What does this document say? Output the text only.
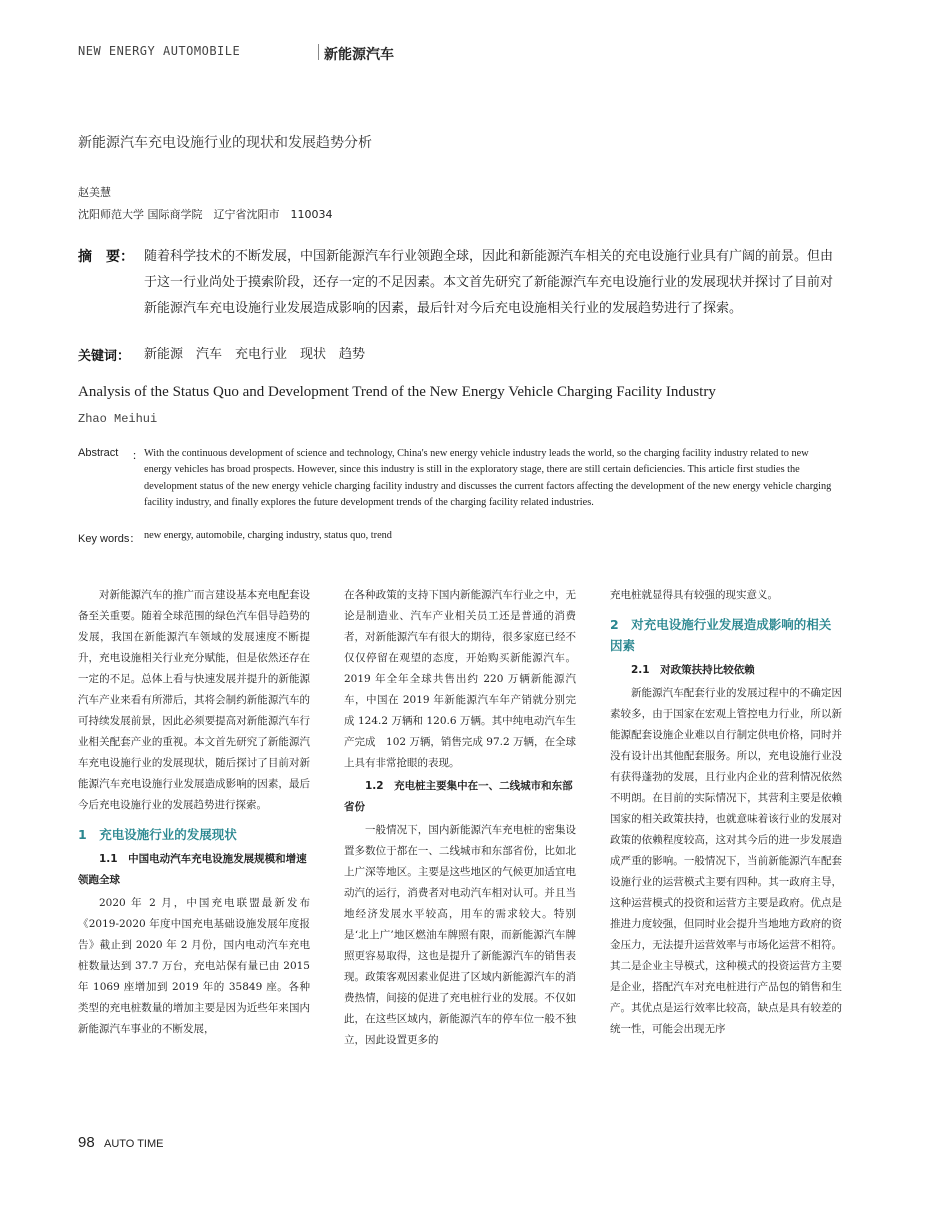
NEW ENERGY AUTOMOBILE	新能源汽车
新能源汽车充电设施行业的现状和发展趋势分析
赵美慧
沈阳师范大学 国际商学院　辽宁省沈阳市　110034
摘　要： 随着科学技术的不断发展，中国新能源汽车行业领跑全球，因此和新能源汽车相关的充电设施行业具有广阔的前景。但由于这一行业尚处于摸索阶段，还存一定的不足因素。本文首先研究了新能源汽车充电设施行业的发展现状并探讨了目前对新能源汽车充电设施行业发展造成影响的因素，最后针对今后充电设施相关行业的发展趋势进行了探索。
关键词： 新能源　汽车　充电行业　现状　趋势
Analysis of the Status Quo and Development Trend of the New Energy Vehicle Charging Facility Industry
Zhao Meihui
Abstract ： With the continuous development of science and technology, China's new energy vehicle industry leads the world, so the charging facility industry related to new energy vehicles has broad prospects. However, since this industry is still in the exploratory stage, there are still certain deficiencies. This article first studies the development status of the new energy vehicle charging facility industry and discusses the current factors affecting the development of the new energy vehicle charging facility industry, and finally explores the future development trends of the charging facility related industries.
Key words： new energy, automobile, charging industry, status quo, trend

对新能源汽车的推广而言建设基本充电配套设备至关重要。随着全球范围的绿色汽车倡导趋势的发展，我国在新能源汽车领域的发展速度不断提升，充电设施相关行业充分赋能，但是依然还存在一定的不足。总体上看与快速发展并提升的新能源汽车产业来看有所滞后，其将会制约新能源汽车的可持续发展前景，因此必须要提高对新能源汽车行业相关配套产业的重视。本文首先研究了新能源汽车充电设施行业的发展现状，随后探讨了目前对新能源汽车充电设施行业发展造成影响的因素，最后今后充电设施行业的发展趋势进行探索。

1　充电设施行业的发展现状
1.1　中国电动汽车充电设施发展规模和增速领跑全球

2020 年 2 月，中国充电联盟最新发布《2019-2020 年度中国充电基础设施发展年度报告》截止到 2020 年 2 月份，国内电动汽车充电桩数量达到 37.7 万台，充电站保有量已由 2015 年 1069 座增加到 2019 年的 35849 座。各种类型的充电桩数量的增加主要是因为近些年来国内新能源汽车事业的不断发展，

在各种政策的支持下国内新能源汽车行业之中，无论是制造业、汽车产业相关员工还是普通的消费者，对新能源汽车有很大的期待，很多家庭已经不仅仅停留在观望的态度，开始购买新能源汽车。2019 年全年全球共售出约 220 万辆新能源汽车，中国在 2019 年新能源汽车年产销就分别完成 124.2 万辆和 120.6 万辆。其中纯电动汽车生产完成　102 万辆，销售完成 97.2 万辆，在全球上具有非常抢眼的表现。

1.2　充电桩主要集中在一、二线城市和东部省份

一般情况下，国内新能源汽车充电桩的密集设置多数位于都在一、二线城市和东部省份，比如北上广深等地区。主要是这些地区的气候更加适宜电动汽的运行，消费者对电动汽车相对认可。并且当地经济发展水平较高，用车的需求较大。特别是‘北上广’地区燃油车牌照有限，而新能源汽车牌照更容易取得，这也是提升了新能源汽车的销售表现。政策客观因素业促进了区域内新能源汽车的消费热情，间接的促进了充电桩行业的发展。不仅如此，在这些区域内，新能源汽车的停车位一般不独立，因此设置更多的

充电桩就显得具有较强的现实意义。

2　对充电设施行业发展造成影响的相关因素
2.1　对政策扶持比较依赖

新能源汽车配套行业的发展过程中的不确定因素较多，由于国家在宏观上管控电力行业，所以新能源配套设施企业难以自行制定供电价格，同时并没有设计出其他配套服务。所以，充电设施行业没有获得蓬勃的发展，且行业内企业的营利情况依然不明朗。在目前的实际情况下，其营利主要是依赖国家的相关政策扶持，也就意味着该行业的发展对政策的依赖程度较高，这对其今后的进一步发展造成严重的影响。一般情况下，当前新能源汽车配套设施行业的运营模式主要有四种。其一政府主导，这种运营模式的投资和运营方主要是政府。优点是推进力度较强，但同时业会提升当地地方政府的资金压力，无法提升运营效率与市场化运营不相符。其二是企业主导模式，这种模式的投资运营方主要是企业，搭配汽车对充电桩进行产品包的销售和生产。其优点是运行效率比较高，缺点是具有较差的统一性，可能会出现无序

98 AUTO TIME
